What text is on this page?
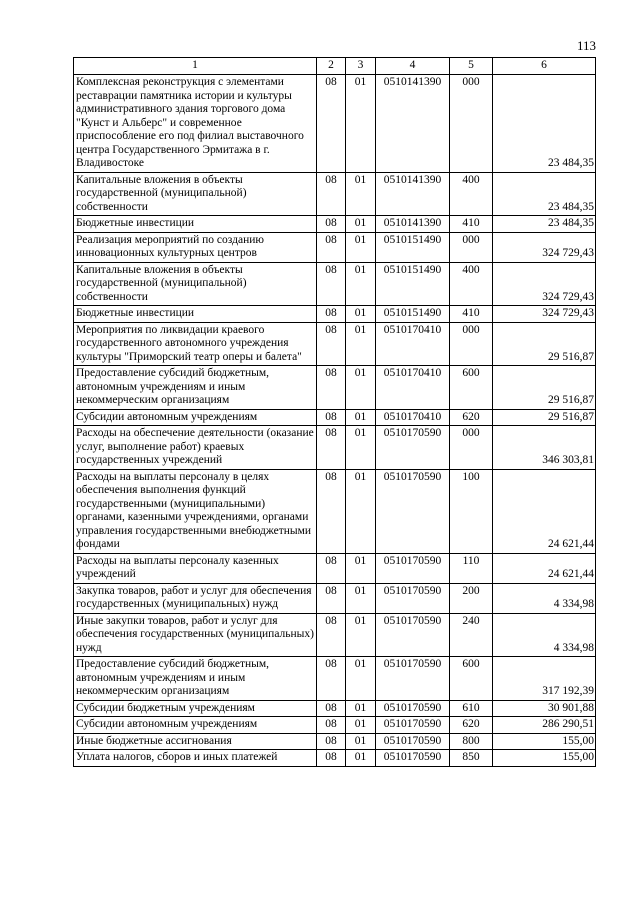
113
1	2	3	4	5	6
Комплексная реконструкция с элементами реставрации памятника истории и культуры административного здания торгового дома "Кунст и Альберс" и современное приспособление его под филиал выставочного центра Государственного Эрмитажа в г. Владивостоке	08	01	0510141390	000	23 484,35
Капитальные вложения в объекты государственной (муниципальной) собственности	08	01	0510141390	400	23 484,35
Бюджетные инвестиции	08	01	0510141390	410	23 484,35
Реализация мероприятий по созданию инновационных культурных центров	08	01	0510151490	000	324 729,43
Капитальные вложения в объекты государственной (муниципальной) собственности	08	01	0510151490	400	324 729,43
Бюджетные инвестиции	08	01	0510151490	410	324 729,43
Мероприятия по ликвидации краевого государственного автономного учреждения культуры "Приморский театр оперы и балета"	08	01	0510170410	000	29 516,87
Предоставление субсидий бюджетным, автономным учреждениям и иным некоммерческим организациям	08	01	0510170410	600	29 516,87
Субсидии автономным учреждениям	08	01	0510170410	620	29 516,87
Расходы на обеспечение деятельности (оказание услуг, выполнение работ) краевых государственных учреждений	08	01	0510170590	000	346 303,81
Расходы на выплаты персоналу в целях обеспечения выполнения функций государственными (муниципальными) органами, казенными учреждениями, органами управления государственными внебюджетными фондами	08	01	0510170590	100	24 621,44
Расходы на выплаты персоналу казенных учреждений	08	01	0510170590	110	24 621,44
Закупка товаров, работ и услуг для обеспечения государственных (муниципальных) нужд	08	01	0510170590	200	4 334,98
Иные закупки товаров, работ и услуг для обеспечения государственных (муниципальных) нужд	08	01	0510170590	240	4 334,98
Предоставление субсидий бюджетным, автономным учреждениям и иным некоммерческим организациям	08	01	0510170590	600	317 192,39
Субсидии бюджетным учреждениям	08	01	0510170590	610	30 901,88
Субсидии автономным учреждениям	08	01	0510170590	620	286 290,51
Иные бюджетные ассигнования	08	01	0510170590	800	155,00
Уплата налогов, сборов и иных платежей	08	01	0510170590	850	155,00
